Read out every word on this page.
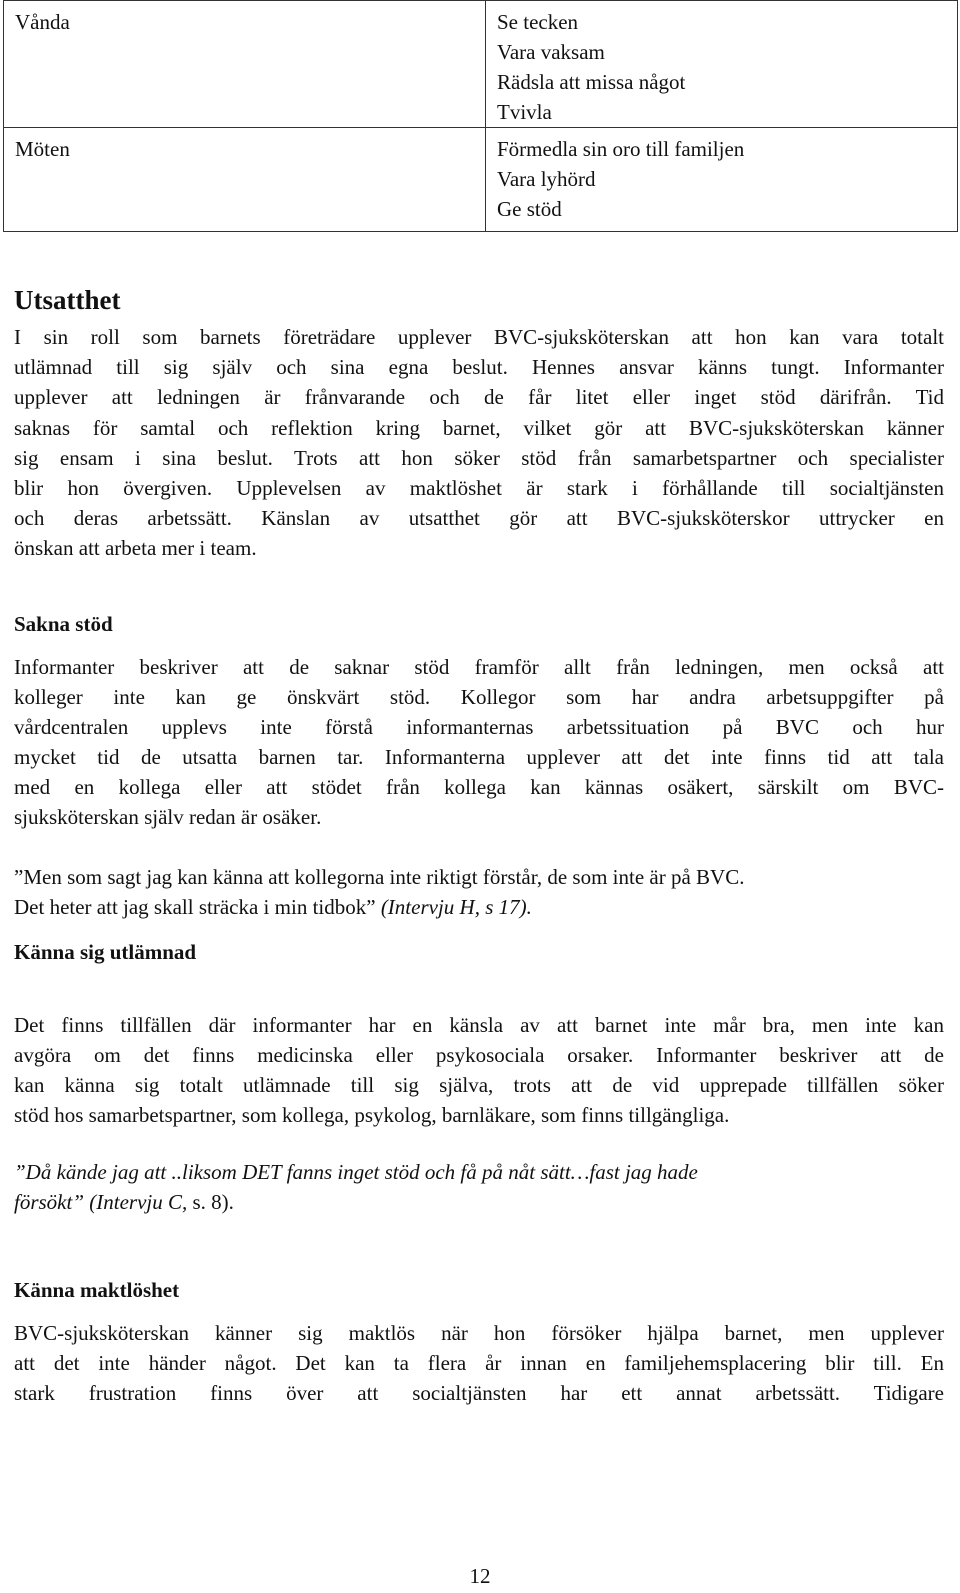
Vånda	Se tecken
Vara vaksam
Rädsla att missa något
Tvivla

Möten	Förmedla sin oro till familjen
Vara lyhörd
Ge stöd
Utsatthet

I sin roll som barnets företrädare upplever BVC-sjuksköterskan att hon kan vara totalt
utlämnad till sig själv och sina egna beslut. Hennes ansvar känns tungt. Informanter
upplever att ledningen är frånvarande och de får litet eller inget stöd därifrån. Tid
saknas för samtal och reflektion kring barnet, vilket gör att BVC-sjuksköterskan känner
sig ensam i sina beslut. Trots att hon söker stöd från samarbetspartner och specialister
blir hon övergiven. Upplevelsen av maktlöshet är stark i förhållande till socialtjänsten
och deras arbetssätt. Känslan av utsatthet gör att BVC-sjuksköterskor uttrycker en
önskan att arbeta mer i team.

Sakna stöd

Informanter beskriver att de saknar stöd framför allt från ledningen, men också att
kolleger inte kan ge önskvärt stöd. Kollegor som har andra arbetsuppgifter på
vårdcentralen upplevs inte förstå informanternas arbetssituation på BVC och hur
mycket tid de utsatta barnen tar. Informanterna upplever att det inte finns tid att tala
med en kollega eller att stödet från kollega kan kännas osäkert, särskilt om BVC-
sjuksköterskan själv redan är osäker.

”Men som sagt jag kan känna att kollegorna inte riktigt förstår, de som inte är på BVC.
Det heter att jag skall sträcka i min tidbok” (Intervju H, s 17).
Känna sig utlämnad

Det finns tillfällen där informanter har en känsla av att barnet inte mår bra, men inte kan
avgöra om det finns medicinska eller psykosociala orsaker. Informanter beskriver att de
kan känna sig totalt utlämnade till sig själva, trots att de vid upprepade tillfällen söker
stöd hos samarbetspartner, som kollega, psykolog, barnläkare, som finns tillgängliga.

”Då kände jag att ..liksom DET fanns inget stöd och få på nåt sätt…fast jag hade
försökt” (Intervju C, s. 8).
Känna maktlöshet

BVC-sjuksköterskan känner sig maktlös när hon försöker hjälpa barnet, men upplever
att det inte händer något. Det kan ta flera år innan en familjehemsplacering blir till. En
stark frustration finns över att socialtjänsten har ett annat arbetssätt. Tidigare

12
